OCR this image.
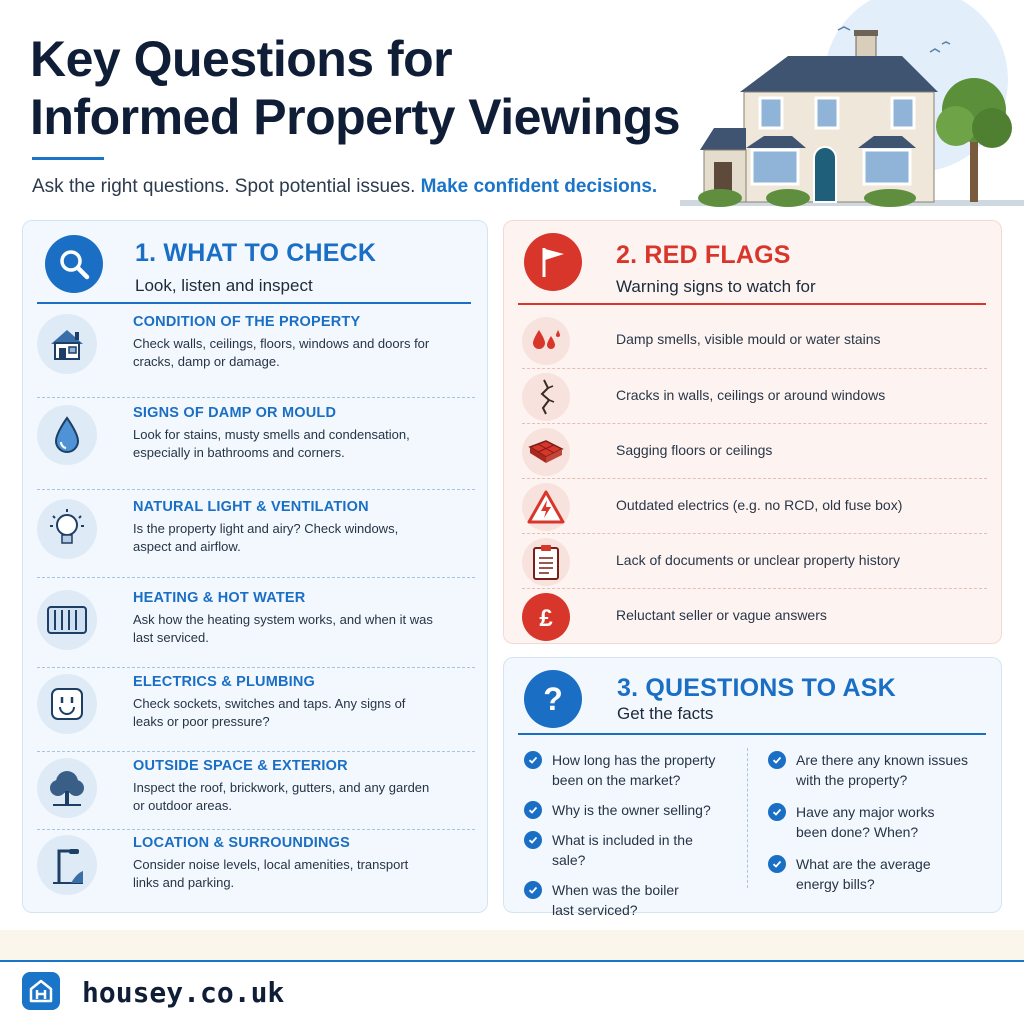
Key Questions for
Informed Property Viewings

Ask the right questions. Spot potential issues. Make confident decisions.

1. WHAT TO CHECK

Look, listen and inspect

CONDITION OF THE PROPERTY
Check walls, ceilings, floors, windows and doors for cracks, damp or damage.
SIGNS OF DAMP OR MOULD
Look for stains, musty smells and condensation, especially in bathrooms and corners.
NATURAL LIGHT & VENTILATION
Is the property light and airy? Check windows, aspect and airflow.
HEATING & HOT WATER
Ask how the heating system works, and when it was last serviced.
ELECTRICS & PLUMBING
Check sockets, switches and taps. Any signs of leaks or poor pressure?
OUTSIDE SPACE & EXTERIOR
Inspect the roof, brickwork, gutters, and any garden or outdoor areas.
LOCATION & SURROUNDINGS
Consider noise levels, local amenities, transport links and parking.
2. RED FLAGS

Warning signs to watch for

Damp smells, visible mould or water stains
Cracks in walls, ceilings or around windows
Sagging floors or ceilings
Outdated electrics (e.g. no RCD, old fuse box)
Lack of documents or unclear property history
£	Reluctant seller or vague answers
? 3. QUESTIONS TO ASK

Get the facts

How long has the property been on the market?
Why is the owner selling?
What is included in the sale?
When was the boiler last serviced?
Are there any known issues with the property?
Have any major works been done? When?
What are the average energy bills?
housey.co.uk
